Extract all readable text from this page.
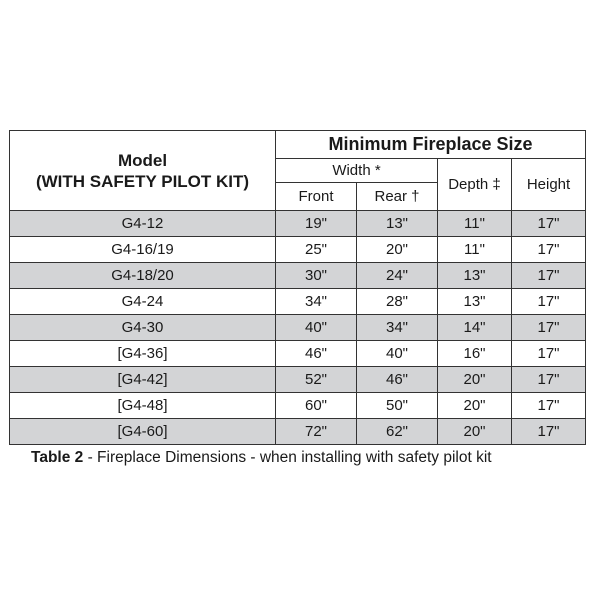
Model
(WITH SAFETY PILOT KIT)	Minimum Fireplace Size			
	Width *		Depth ‡	Height
	Front	Rear †		
G4-12	19"	13"	11"	17"
G4-16/19	25"	20"	11"	17"
G4-18/20	30"	24"	13"	17"
G4-24	34"	28"	13"	17"
G4-30	40"	34"	14"	17"
[G4-36]	46"	40"	16"	17"
[G4-42]	52"	46"	20"	17"
[G4-48]	60"	50"	20"	17"
[G4-60]	72"	62"	20"	17"
Table 2 - Fireplace Dimensions - when installing with safety pilot kit
